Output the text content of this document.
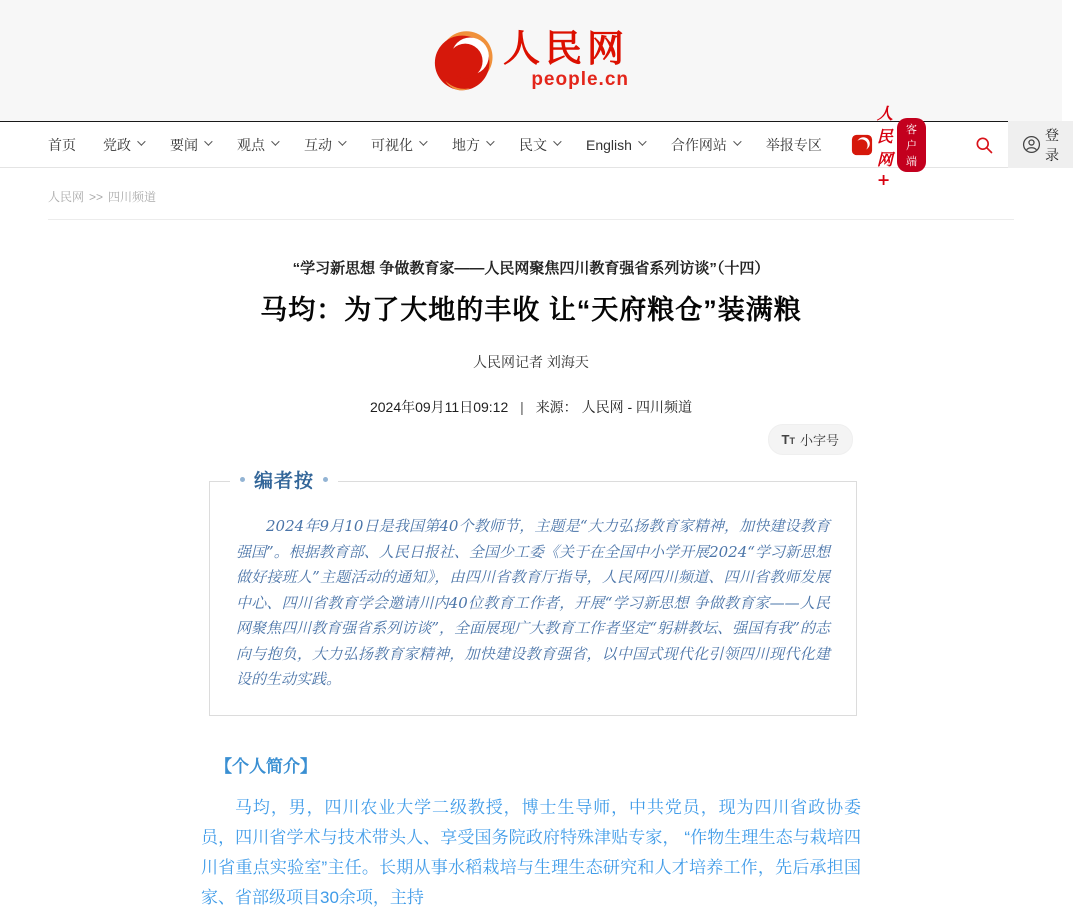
人民网
people.cn
首页 党政	要闻	观点	互动	可视化	地方	民文	English	合作网站	举报专区
人民网+
客户端
登录
人民网 >> 四川频道
“学习新思想 争做教育家——人民网聚焦四川教育强省系列访谈”（十四）
马均：为了大地的丰收 让“天府粮仓”装满粮
人民网记者 刘海天
2024年09月11日09:12 | 来源： 人民网 - 四川频道
TT 小字号
编者按

2024年9月10日是我国第40个教师节，主题是“大力弘扬教育家精神，加快建设教育强国”。根据教育部、人民日报社、全国少工委《关于在全国中小学开展2024“学习新思想 做好接班人”主题活动的通知》，由四川省教育厅指导，人民网四川频道、四川省教师发展中心、四川省教育学会邀请川内40位教育工作者，开展“学习新思想 争做教育家——人民网聚焦四川教育强省系列访谈”，全面展现广大教育工作者坚定“躬耕教坛、强国有我”的志向与抱负，大力弘扬教育家精神，加快建设教育强省，以中国式现代化引领四川现代化建设的生动实践。

【个人简介】

马均，男，四川农业大学二级教授，博士生导师，中共党员，现为四川省政协委员，四川省学术与技术带头人、享受国务院政府特殊津贴专家， “作物生理生态与栽培四川省重点实验室”主任。长期从事水稻栽培与生理生态研究和人才培养工作，先后承担国家、省部级项目30余项，主持
